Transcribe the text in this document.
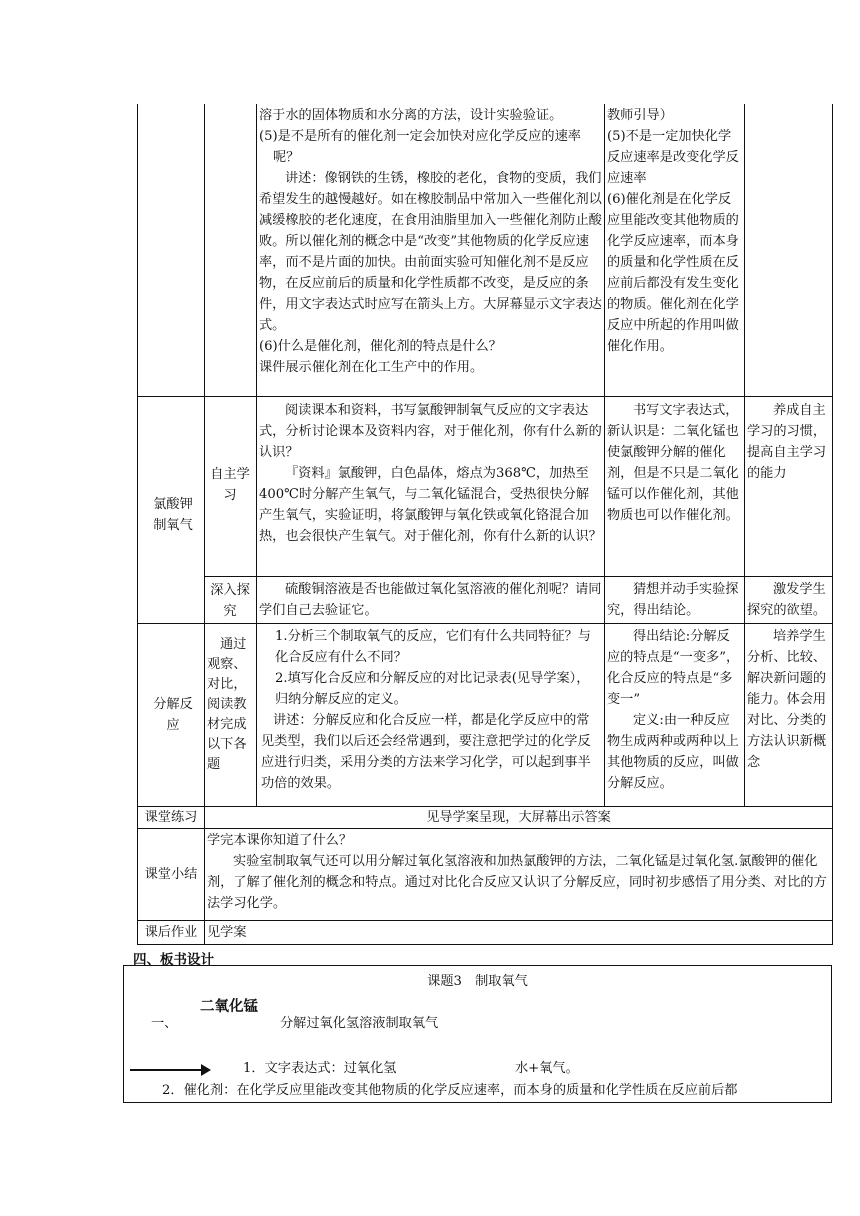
溶于水的固体物质和水分离的方法，设计实验验证。

(5)是不是所有的催化剂一定会加快对应化学反应的速率呢？

讲述：像钢铁的生锈，橡胶的老化，食物的变质，我们希望发生的越慢越好。如在橡胶制品中常加入一些催化剂以减缓橡胶的老化速度，在食用油脂里加入一些催化剂防止酸败。所以催化剂的概念中是“改变”其他物质的化学反应速率，而不是片面的加快。由前面实验可知催化剂不是反应物，在反应前后的质量和化学性质都不改变，是反应的条件，用文字表达式时应写在箭头上方。大屏幕显示文字表达式。

(6)什么是催化剂，催化剂的特点是什么？

课件展示催化剂在化工生产中的作用。

教师引导）

(5)不是一定加快化学反应速率是改变化学反应速率

(6)催化剂是在化学反应里能改变其他物质的化学反应速率，而本身的质量和化学性质在反应前后都没有发生变化的物质。催化剂在化学反应中所起的作用叫做催化作用。

氯酸钾制氧气
自主学习

阅读课本和资料，书写氯酸钾制氧气反应的文字表达式，分析讨论课本及资料内容，对于催化剂，你有什么新的认识？

『资料』氯酸钾，白色晶体，熔点为368℃，加热至400℃时分解产生氧气，与二氧化锰混合，受热很快分解产生氧气，实验证明，将氯酸钾与氧化铁或氧化铬混合加热，也会很快产生氧气。对于催化剂，你有什么新的认识？

书写文字表达式，新认识是：二氧化锰也使氯酸钾分解的催化剂，但是不只是二氧化锰可以作催化剂，其他物质也可以作催化剂。

养成自主学习的习惯，提高自主学习的能力

深入探究

硫酸铜溶液是否也能做过氧化氢溶液的催化剂呢？请同学们自己去验证它。

猜想并动手实验探究，得出结论。

激发学生探究的欲望。

分解反应

通过观察、对比，阅读教材完成以下各题

1.分析三个制取氧气的反应，它们有什么共同特征？与化合反应有什么不同？

2.填写化合反应和分解反应的对比记录表(见导学案），归纳分解反应的定义。

讲述：分解反应和化合反应一样，都是化学反应中的常见类型，我们以后还会经常遇到，要注意把学过的化学反应进行归类，采用分类的方法来学习化学，可以起到事半功倍的效果。

得出结论:分解反应的特点是“一变多”，化合反应的特点是“多变一”

定义:由一种反应物生成两种或两种以上其他物质的反应，叫做分解反应。

培养学生分析、比较、解决新问题的能力。体会用对比、分类的方法认识新概念

课堂练习	见导学案呈现，大屏幕出示答案
课堂小结

学完本课你知道了什么？

实验室制取氧气还可以用分解过氧化氢溶液和加热氯酸钾的方法，二氧化锰是过氧化氢.氯酸钾的催化剂，了解了催化剂的概念和特点。通过对比化合反应又认识了分解反应，同时初步感悟了用分类、对比的方法学习化学。

课后作业 见学案
四、板书设计
课题3　制取氧气
一、
二氧化锰
分解过氧化氢溶液制取氧气
1．文字表达式：过氧化氢	水+氧气。
2．催化剂：在化学反应里能改变其他物质的化学反应速率，而本身的质量和化学性质在反应前后都
